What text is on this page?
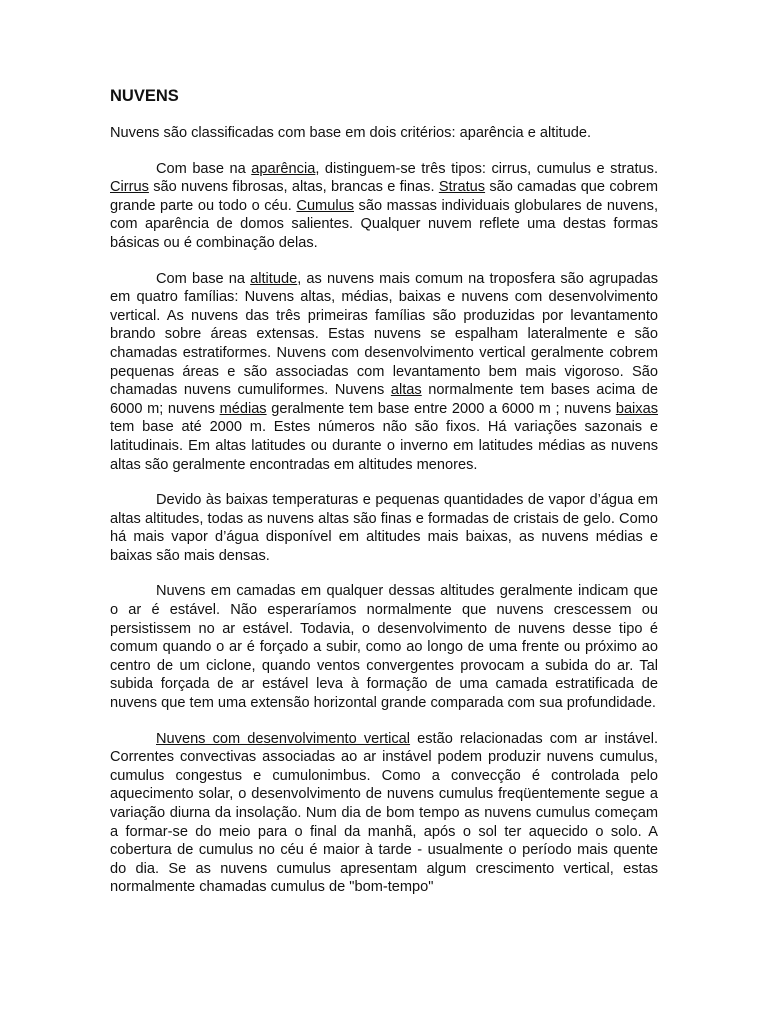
NUVENS

Nuvens são classificadas com base em dois critérios: aparência e altitude.

Com base na aparência, distinguem-se três tipos: cirrus, cumulus e stratus. Cirrus são nuvens fibrosas, altas, brancas e finas. Stratus são camadas que cobrem grande parte ou todo o céu. Cumulus são massas individuais globulares de nuvens, com aparência de domos salientes. Qualquer nuvem reflete uma destas formas básicas ou é combinação delas.

Com base na altitude, as nuvens mais comum na troposfera são agrupadas em quatro famílias: Nuvens altas, médias, baixas e nuvens com desenvolvimento vertical. As nuvens das três primeiras famílias são produzidas por levantamento brando sobre áreas extensas. Estas nuvens se espalham lateralmente e são chamadas estratiformes. Nuvens com desenvolvimento vertical geralmente cobrem pequenas áreas e são associadas com levantamento bem mais vigoroso. São chamadas nuvens cumuliformes. Nuvens altas normalmente tem bases acima de 6000 m; nuvens médias geralmente tem base entre 2000 a 6000 m ; nuvens baixas tem base até 2000 m. Estes números não são fixos. Há variações sazonais e latitudinais. Em altas latitudes ou durante o inverno em latitudes médias as nuvens altas são geralmente encontradas em altitudes menores.

Devido às baixas temperaturas e pequenas quantidades de vapor d’água em altas altitudes, todas as nuvens altas são finas e formadas de cristais de gelo. Como há mais vapor d’água disponível em altitudes mais baixas, as nuvens médias e baixas são mais densas.

Nuvens em camadas em qualquer dessas altitudes geralmente indicam que o ar é estável. Não esperaríamos normalmente que nuvens crescessem ou persistissem no ar estável. Todavia, o desenvolvimento de nuvens desse tipo é comum quando o ar é forçado a subir, como ao longo de uma frente ou próximo ao centro de um ciclone, quando ventos convergentes provocam a subida do ar. Tal subida forçada de ar estável leva à formação de uma camada estratificada de nuvens que tem uma extensão horizontal grande comparada com sua profundidade.

Nuvens com desenvolvimento vertical estão relacionadas com ar instável. Correntes convectivas associadas ao ar instável podem produzir nuvens cumulus, cumulus congestus e cumulonimbus. Como a convecção é controlada pelo aquecimento solar, o desenvolvimento de nuvens cumulus freqüentemente segue a variação diurna da insolação. Num dia de bom tempo as nuvens cumulus começam a formar-se do meio para o final da manhã, após o sol ter aquecido o solo. A cobertura de cumulus no céu é maior à tarde - usualmente o período mais quente do dia. Se as nuvens cumulus apresentam algum crescimento vertical, estas normalmente chamadas cumulus de "bom-tempo"
